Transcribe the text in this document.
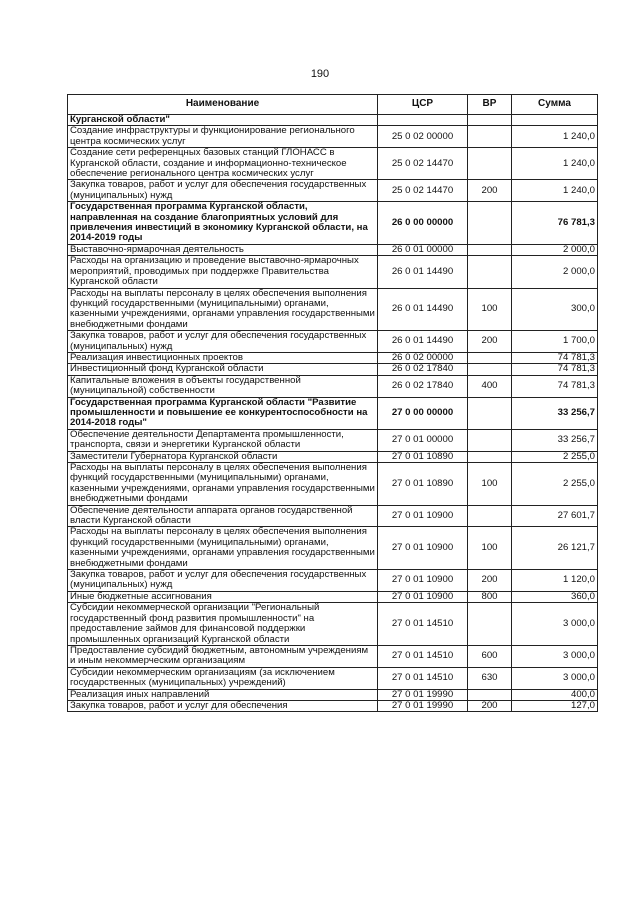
190
Наименование	ЦСР	ВР	Сумма
Курганской области"			
Создание инфраструктуры и функционирование регионального центра космических услуг	25 0 02 00000		1 240,0
Создание сети референцных базовых станций ГЛОНАСС в Курганской области, создание и информационно-техническое обеспечение регионального центра космических услуг	25 0 02 14470		1 240,0
Закупка товаров, работ и услуг для обеспечения государственных (муниципальных) нужд	25 0 02 14470	200	1 240,0
Государственная программа Курганской области, направленная на создание благоприятных условий для привлечения инвестиций в экономику Курганской области, на 2014-2019 годы	26 0 00 00000		76 781,3
Выставочно-ярмарочная деятельность	26 0 01 00000		2 000,0
Расходы на организацию и проведение выставочно-ярмарочных мероприятий, проводимых при поддержке Правительства Курганской области	26 0 01 14490		2 000,0
Расходы на выплаты персоналу в целях обеспечения выполнения функций государственными (муниципальными) органами, казенными учреждениями, органами управления государственными внебюджетными фондами	26 0 01 14490	100	300,0
Закупка товаров, работ и услуг для обеспечения государственных (муниципальных) нужд	26 0 01 14490	200	1 700,0
Реализация инвестиционных проектов	26 0 02 00000		74 781,3
Инвестиционный фонд Курганской области	26 0 02 17840		74 781,3
Капитальные вложения в объекты государственной (муниципальной) собственности	26 0 02 17840	400	74 781,3
Государственная программа Курганской области "Развитие промышленности и повышение ее конкурентоспособности на 2014-2018 годы"	27 0 00 00000		33 256,7
Обеспечение деятельности Департамента промышленности, транспорта, связи и энергетики Курганской области	27 0 01 00000		33 256,7
Заместители Губернатора Курганской области	27 0 01 10890		2 255,0
Расходы на выплаты персоналу в целях обеспечения выполнения функций государственными (муниципальными) органами, казенными учреждениями, органами управления государственными внебюджетными фондами	27 0 01 10890	100	2 255,0
Обеспечение деятельности аппарата органов государственной власти Курганской области	27 0 01 10900		27 601,7
Расходы на выплаты персоналу в целях обеспечения выполнения функций государственными (муниципальными) органами, казенными учреждениями, органами управления государственными внебюджетными фондами	27 0 01 10900	100	26 121,7
Закупка товаров, работ и услуг для обеспечения государственных (муниципальных) нужд	27 0 01 10900	200	1 120,0
Иные бюджетные ассигнования	27 0 01 10900	800	360,0
Субсидии некоммерческой организации "Региональный государственный фонд развития промышленности" на предоставление займов для финансовой поддержки промышленных организаций Курганской области	27 0 01 14510		3 000,0
Предоставление субсидий бюджетным, автономным учреждениям и иным некоммерческим организациям	27 0 01 14510	600	3 000,0
Субсидии некоммерческим организациям (за исключением государственных (муниципальных) учреждений)	27 0 01 14510	630	3 000,0
Реализация иных направлений	27 0 01 19990		400,0
Закупка товаров, работ и услуг для обеспечения	27 0 01 19990	200	127,0
